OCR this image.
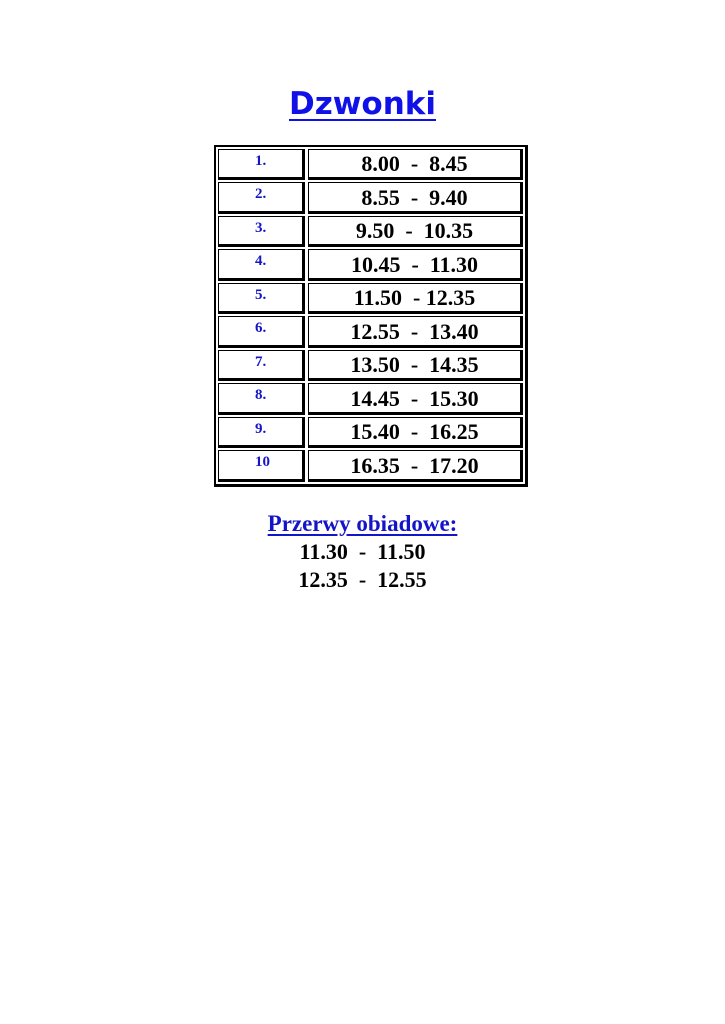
Dzwonki
1.	8.00  -  8.45
2.	8.55  -  9.40
3.	9.50  -  10.35
4.	10.45  -  11.30
5.	11.50  - 12.35
6.	12.55  -  13.40
7.	13.50  -  14.35
8.	14.45  -  15.30
9.	15.40  -  16.25
10	16.35  -  17.20
Przerwy obiadowe:
11.30  -  11.50
12.35  -  12.55
